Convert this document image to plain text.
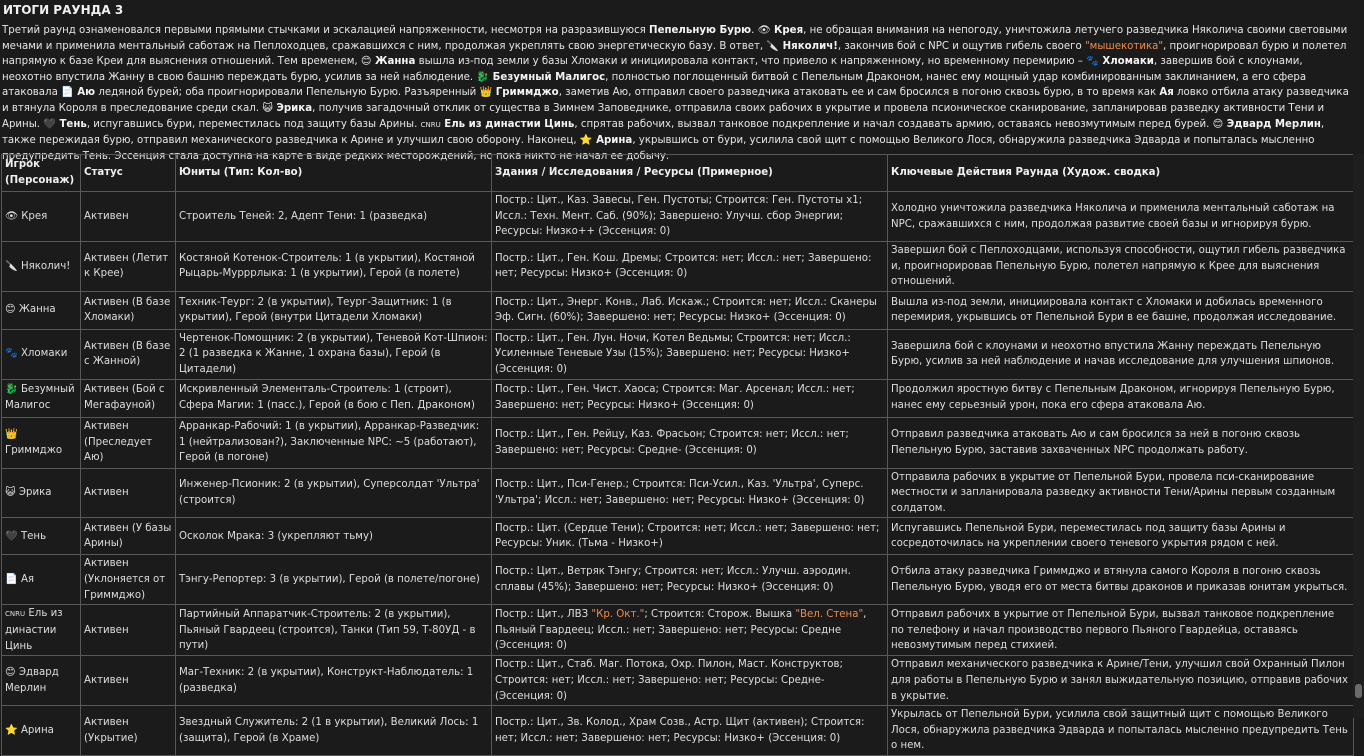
ИТОГИ РАУНДА 3

Третий раунд ознаменовался первыми прямыми стычками и эскалацией напряженности, несмотря на разразившуюся Пепельную Бурю. 👁 Крея, не обращая внимания на непогоду, уничтожила летучего разведчика Няколича своими световыми мечами и применила ментальный саботаж на Пеплоходцев, сражавшихся с ним, продолжая укреплять свою энергетическую базу. В ответ, 🔪 Няколич!, закончив бой с NPC и ощутив гибель своего "мышекотика", проигнорировал бурю и полетел напрямую к базе Креи для выяснения отношений. Тем временем, 😊 Жанна вышла из-под земли у базы Хломаки и инициировала контакт, что привело к напряженному, но временному перемирию – 🐾 Хломаки, завершив бой с клоунами, неохотно впустила Жанну в свою башню переждать бурю, усилив за ней наблюдение. 🐉 Безумный Малигос, полностью поглощенный битвой с Пепельным Драконом, нанес ему мощный удар комбинированным заклинанием, а его сфера атаковала 📄 Аю ледяной бурей; оба проигнорировали Пепельную Бурю. Разъяренный 👑 Гриммджо, заметив Аю, отправил своего разведчика атаковать ее и сам бросился в погоню сквозь бурю, в то время как Ая ловко отбила атаку разведчика и втянула Короля в преследование среди скал. 😺 Эрика, получив загадочный отклик от существа в Зимнем Заповеднике, отправила своих рабочих в укрытие и провела псионическое сканирование, запланировав разведку активности Тени и Арины. 🖤 Тень, испугавшись бури, переместилась под защиту базы Арины. CNRU Ель из династии Цинь, спрятав рабочих, вызвал танковое подкрепление и начал создавать армию, оставаясь невозмутимым перед бурей. 😊 Эдвард Мерлин, также пережидая бурю, отправил механического разведчика к Арине и улучшил свою оборону. Наконец, ⭐ Арина, укрывшись от бури, усилила свой щит с помощью Великого Лося, обнаружила разведчика Эдварда и попыталась мысленно предупредить Тень. Эссенция стала доступна на карте в виде редких месторождений, но пока никто не начал ее добычу.

Игрок (Персонаж)	Статус	Юниты (Тип: Кол-во)	Здания / Исследования / Ресурсы (Примерное)	Ключевые Действия Раунда (Худож. сводка)
👁 Крея	Активен	Строитель Теней: 2, Адепт Тени: 1 (разведка)	Постр.: Цит., Каз. Завесы, Ген. Пустоты; Строится: Ген. Пустоты x1; Иссл.: Техн. Мент. Саб. (90%); Завершено: Улучш. сбор Энергии; Ресурсы: Низко++ (Эссенция: 0)	Холодно уничтожила разведчика Няколича и применила ментальный саботаж на NPC, сражавшихся с ним, продолжая развитие своей базы и игнорируя бурю.
🔪 Няколич!	Активен (Летит к Крее)	Костяной Котенок-Строитель: 1 (в укрытии), Костяной Рыцарь-Мурррлыка: 1 (в укрытии), Герой (в полете)	Постр.: Цит., Ген. Кош. Дремы; Строится: нет; Иссл.: нет; Завершено: нет; Ресурсы: Низко+ (Эссенция: 0)	Завершил бой с Пеплоходцами, используя способности, ощутил гибель разведчика и, проигнорировав Пепельную Бурю, полетел напрямую к Крее для выяснения отношений.
😊 Жанна	Активен (В базе Хломаки)	Техник-Теург: 2 (в укрытии), Теург-Защитник: 1 (в укрытии), Герой (внутри Цитадели Хломаки)	Постр.: Цит., Энерг. Конв., Лаб. Искаж.; Строится: нет; Иссл.: Сканеры Эф. Сигн. (60%); Завершено: нет; Ресурсы: Низко+ (Эссенция: 0)	Вышла из-под земли, инициировала контакт с Хломаки и добилась временного перемирия, укрывшись от Пепельной Бури в ее башне, продолжая исследование.
🐾 Хломаки	Активен (В базе с Жанной)	Чертенок-Помощник: 2 (в укрытии), Теневой Кот-Шпион: 2 (1 разведка к Жанне, 1 охрана базы), Герой (в Цитадели)	Постр.: Цит., Ген. Лун. Ночи, Котел Ведьмы; Строится: нет; Иссл.: Усиленные Теневые Узы (15%); Завершено: нет; Ресурсы: Низко+ (Эссенция: 0)	Завершила бой с клоунами и неохотно впустила Жанну переждать Пепельную Бурю, усилив за ней наблюдение и начав исследование для улучшения шпионов.
🐉 Безумный Малигос	Активен (Бой с Мегафауной)	Искривленный Элементаль-Строитель: 1 (строит), Сфера Магии: 1 (пасс.), Герой (в бою с Пеп. Драконом)	Постр.: Цит., Ген. Чист. Хаоса; Строится: Маг. Арсенал; Иссл.: нет; Завершено: нет; Ресурсы: Низко+ (Эссенция: 0)	Продолжил яростную битву с Пепельным Драконом, игнорируя Пепельную Бурю, нанес ему серьезный урон, пока его сфера атаковала Аю.
👑 Гриммджо	Активен (Преследует Аю)	Арранкар-Рабочий: 1 (в укрытии), Арранкар-Разведчик: 1 (нейтрализован?), Заключенные NPC: ~5 (работают), Герой (в погоне)	Постр.: Цит., Ген. Рейцу, Каз. Фрасьон; Строится: нет; Иссл.: нет; Завершено: нет; Ресурсы: Средне- (Эссенция: 0)	Отправил разведчика атаковать Аю и сам бросился за ней в погоню сквозь Пепельную Бурю, заставив захваченных NPC продолжать работу.
😺 Эрика	Активен	Инженер-Псионик: 2 (в укрытии), Суперсолдат 'Ультра' (строится)	Постр.: Цит., Пси-Генер.; Строится: Пси-Усил., Каз. 'Ультра', Суперс. 'Ультра'; Иссл.: нет; Завершено: нет; Ресурсы: Низко+ (Эссенция: 0)	Отправила рабочих в укрытие от Пепельной Бури, провела пси-сканирование местности и запланировала разведку активности Тени/Арины первым созданным солдатом.
🖤 Тень	Активен (У базы Арины)	Осколок Мрака: 3 (укрепляют тьму)	Постр.: Цит. (Сердце Тени); Строится: нет; Иссл.: нет; Завершено: нет; Ресурсы: Уник. (Тьма - Низко+)	Испугавшись Пепельной Бури, переместилась под защиту базы Арины и сосредоточилась на укреплении своего теневого укрытия рядом с ней.
📄 Ая	Активен (Уклоняется от Гриммджо)	Тэнгу-Репортер: 3 (в укрытии), Герой (в полете/погоне)	Постр.: Цит., Ветряк Тэнгу; Строится: нет; Иссл.: Улучш. аэродин. сплавы (45%); Завершено: нет; Ресурсы: Низко+ (Эссенция: 0)	Отбила атаку разведчика Гриммджо и втянула самого Короля в погоню сквозь Пепельную Бурю, уводя его от места битвы драконов и приказав юнитам укрыться.
CNRU Ель из династии Цинь	Активен	Партийный Аппаратчик-Строитель: 2 (в укрытии), Пьяный Гвардеец (строится), Танки (Тип 59, Т-80УД - в пути)	Постр.: Цит., ЛВЗ "Кр. Окт."; Строится: Сторож. Вышка "Вел. Стена", Пьяный Гвардеец; Иссл.: нет; Завершено: нет; Ресурсы: Средне (Эссенция: 0)	Отправил рабочих в укрытие от Пепельной Бури, вызвал танковое подкрепление по телефону и начал производство первого Пьяного Гвардейца, оставаясь невозмутимым перед стихией.
😊 Эдвард Мерлин	Активен	Маг-Техник: 2 (в укрытии), Конструкт-Наблюдатель: 1 (разведка)	Постр.: Цит., Стаб. Маг. Потока, Охр. Пилон, Маст. Конструктов; Строится: нет; Иссл.: нет; Завершено: нет; Ресурсы: Средне- (Эссенция: 0)	Отправил механического разведчика к Арине/Тени, улучшил свой Охранный Пилон для работы в Пепельную Бурю и занял выжидательную позицию, отправив рабочих в укрытие.
⭐ Арина	Активен (Укрытие)	Звездный Служитель: 2 (1 в укрытии), Великий Лось: 1 (защита), Герой (в Храме)	Постр.: Цит., Зв. Колод., Храм Созв., Астр. Щит (активен); Строится: нет; Иссл.: нет; Завершено: нет; Ресурсы: Низко+ (Эссенция: 0)	Укрылась от Пепельной Бури, усилила свой защитный щит с помощью Великого Лося, обнаружила разведчика Эдварда и попыталась мысленно предупредить Тень о нем.
